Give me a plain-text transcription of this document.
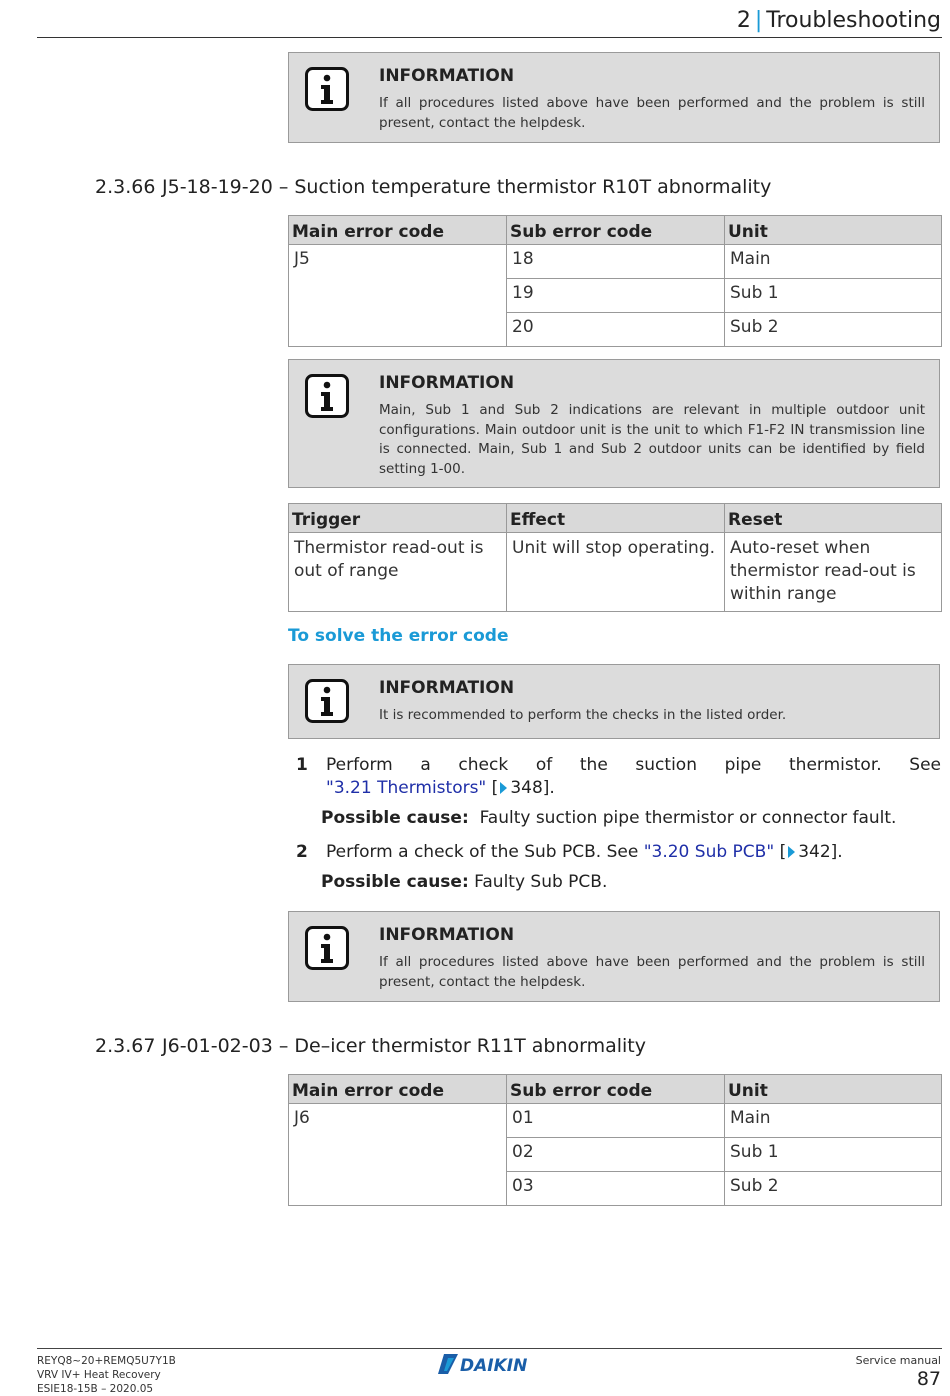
2 | Troubleshooting
INFORMATION
If all procedures listed above have been performed and the problem is still present, contact the helpdesk.
2.3.66 J5-18-19-20 – Suction temperature thermistor R10T abnormality
Main error code	Sub error code	Unit
J5	18	Main
	19	Sub 1
	20	Sub 2
INFORMATION
Main, Sub 1 and Sub 2 indications are relevant in multiple outdoor unit configurations. Main outdoor unit is the unit to which F1-F2 IN transmission line is connected. Main, Sub 1 and Sub 2 outdoor units can be identified by field setting 1-00.
Trigger	Effect	Reset
Thermistor read-out is out of range	Unit will stop operating.	Auto-reset when thermistor read-out is within range
To solve the error code
INFORMATION
It is recommended to perform the checks in the listed order.
1 Perform a check of the suction pipe thermistor. See
"3.21 Thermistors" [ 348].
Possible cause: Faulty suction pipe thermistor or connector fault.
2 Perform a check of the Sub PCB. See "3.20 Sub PCB" [ 342].
Possible cause: Faulty Sub PCB.
INFORMATION
If all procedures listed above have been performed and the problem is still present, contact the helpdesk.
2.3.67 J6-01-02-03 – De–icer thermistor R11T abnormality
Main error code	Sub error code	Unit
J6	01	Main
	02	Sub 1
	03	Sub 2
REYQ8~20+REMQ5U7Y1B
VRV IV+ Heat Recovery
ESIE18-15B – 2020.05
DAIKIN	Service manual
87
